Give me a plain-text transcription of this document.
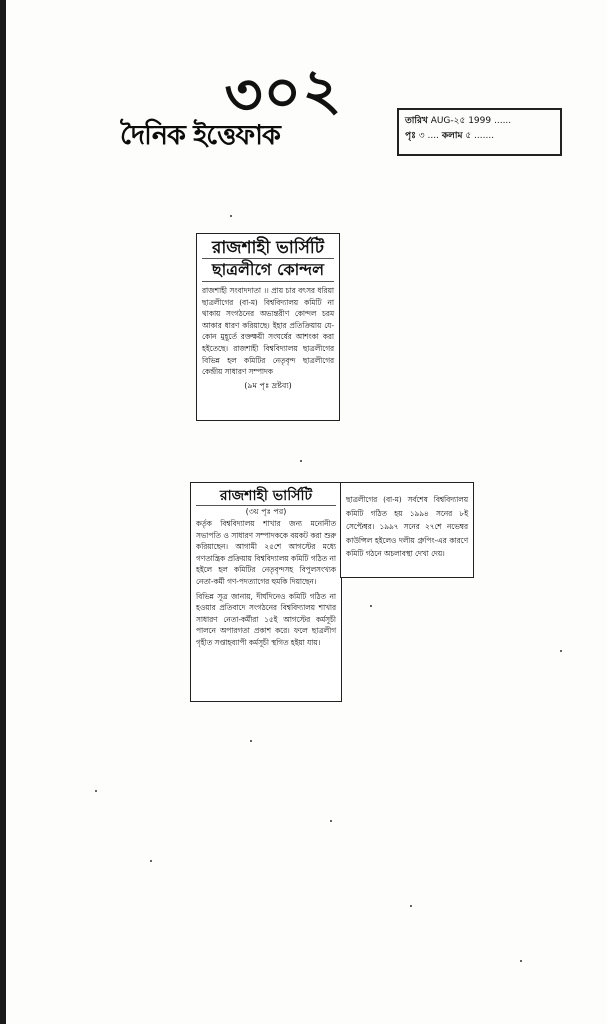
৩০২
দৈনিক ইত্তেফাক	তারিখ AUG-২৫ 1999 ......
পৃঃ ৩ .... কলাম ৫ .......
রাজশাহী ভার্সিটি
ছাত্রলীগে কোন্দল
রাজশাহী সংবাদদাতা ।। প্রায় চার বৎসর ধরিয়া ছাত্রলীগের (বা-ম) বিশ্ববিদ্যালয় কমিটি না থাকায় সংগঠনের অভ্যন্তরীণ কোন্দল চরম আকার ধারণ করিয়াছে। ইহার প্রতিক্রিয়ায় যে-কোন মুহূর্তে রক্তক্ষয়ী সংঘর্ষের আশংকা করা হইতেছে। রাজশাহী বিশ্ববিদ্যালয় ছাত্রলীগের বিভিন্ন হল কমিটির নেতৃবৃন্দ ছাত্রলীগের কেন্দ্রীয় সাধারণ সম্পাদক
(৯ম পৃঃ দ্রষ্টব্য)
রাজশাহী ভার্সিটি
(৩য় পৃঃ পর)
কর্তৃক বিশ্ববিদ্যালয় শাখার জন্য মনোনীত সভাপতি ও সাধারণ সম্পাদককে বয়কট করা শুরু করিয়াছেন। আগামী ২৫শে আগস্টের মধ্যে গণতান্ত্রিক প্রক্রিয়ায় বিশ্ববিদ্যালয় কমিটি গঠিত না হইলে হল কমিটির নেতৃবৃন্দসহ বিপুলসংখ্যক নেতা-কর্মী গণ-পদত্যাগের হুমকি দিয়াছেন।
বিভিন্ন সূত্র জানায়, দীর্ঘদিনেও কমিটি গঠিত না হওয়ার প্রতিবাদে সংগঠনের বিশ্ববিদ্যালয় শাখার সাধারণ নেতা-কর্মীরা ১৫ই আগস্টের কর্মসূচী পালনে অপারগতা প্রকাশ করে। ফলে ছাত্রলীগ গৃহীত সপ্তাহব্যাপী কর্মসূচী স্থগিত হইয়া যায়।
ছাত্রলীগের (বা-ম) সর্বশেষ বিশ্ববিদ্যালয় কমিটি গঠিত হয় ১৯৯৪ সনের ৮ই সেপ্টেম্বর। ১৯৯৭ সনের ২৭শে নভেম্বর কাউন্সিল হইলেও দলীয় গ্রুপিং-এর কারণে কমিটি গঠনে অচলাবস্থা দেখা দেয়।
